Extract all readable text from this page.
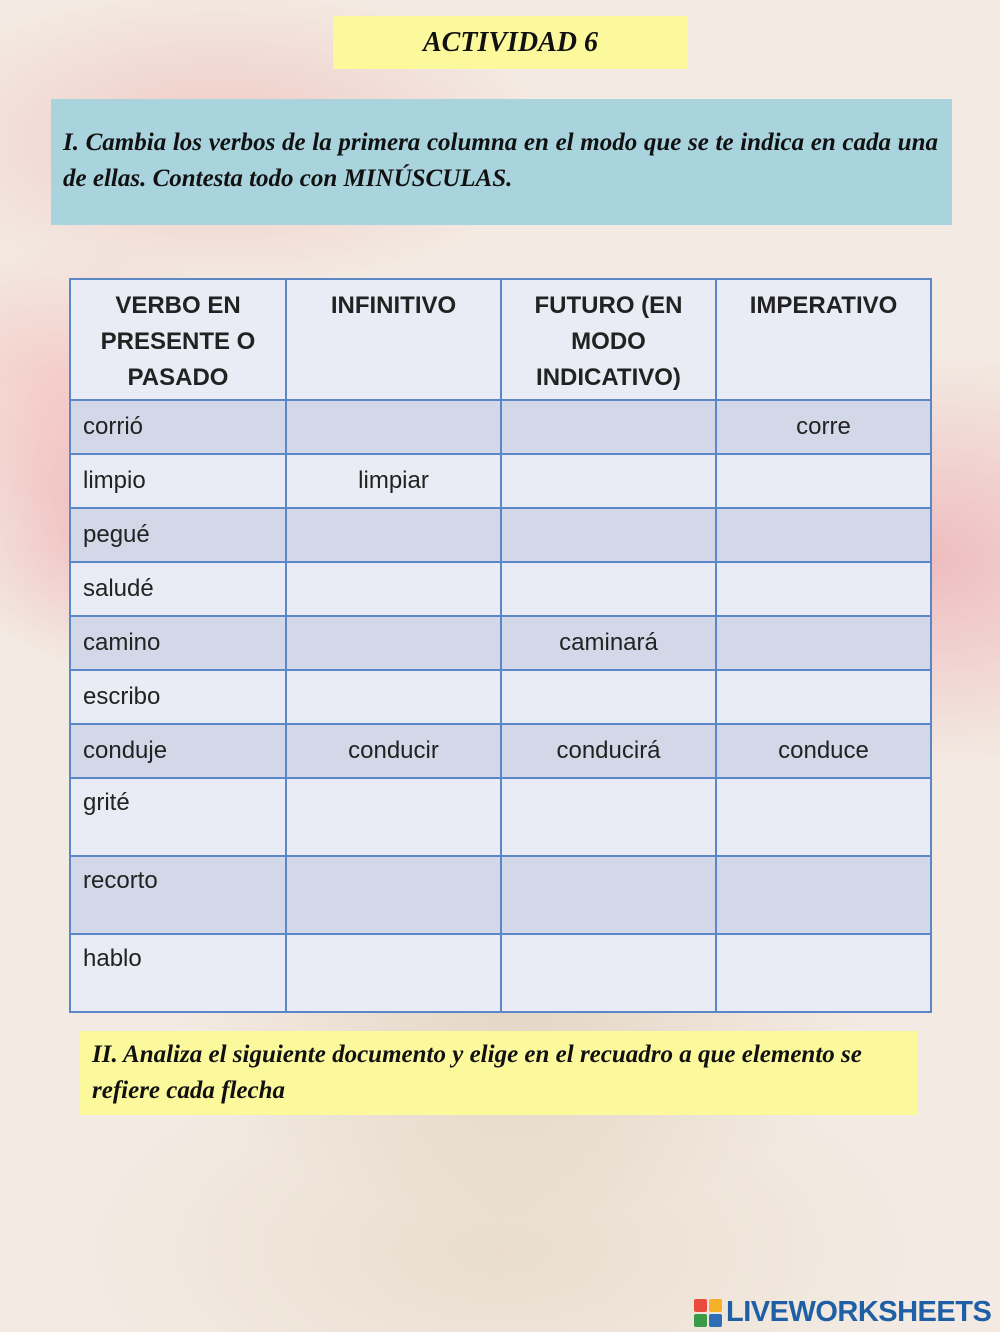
ACTIVIDAD 6
I. Cambia los verbos de la primera columna en el modo que se te indica en cada una de ellas. Contesta todo con MINÚSCULAS.
VERBO EN PRESENTE O PASADO	INFINITIVO	FUTURO (EN MODO INDICATIVO)	IMPERATIVO
corrió			corre
limpio	limpiar		
pegué			
saludé			
camino		caminará	
escribo			
conduje	conducir	conducirá	conduce
grité			
recorto			
hablo			
II. Analiza el siguiente documento y elige en el recuadro a que elemento se refiere cada flecha
LIVEWORKSHEETS
